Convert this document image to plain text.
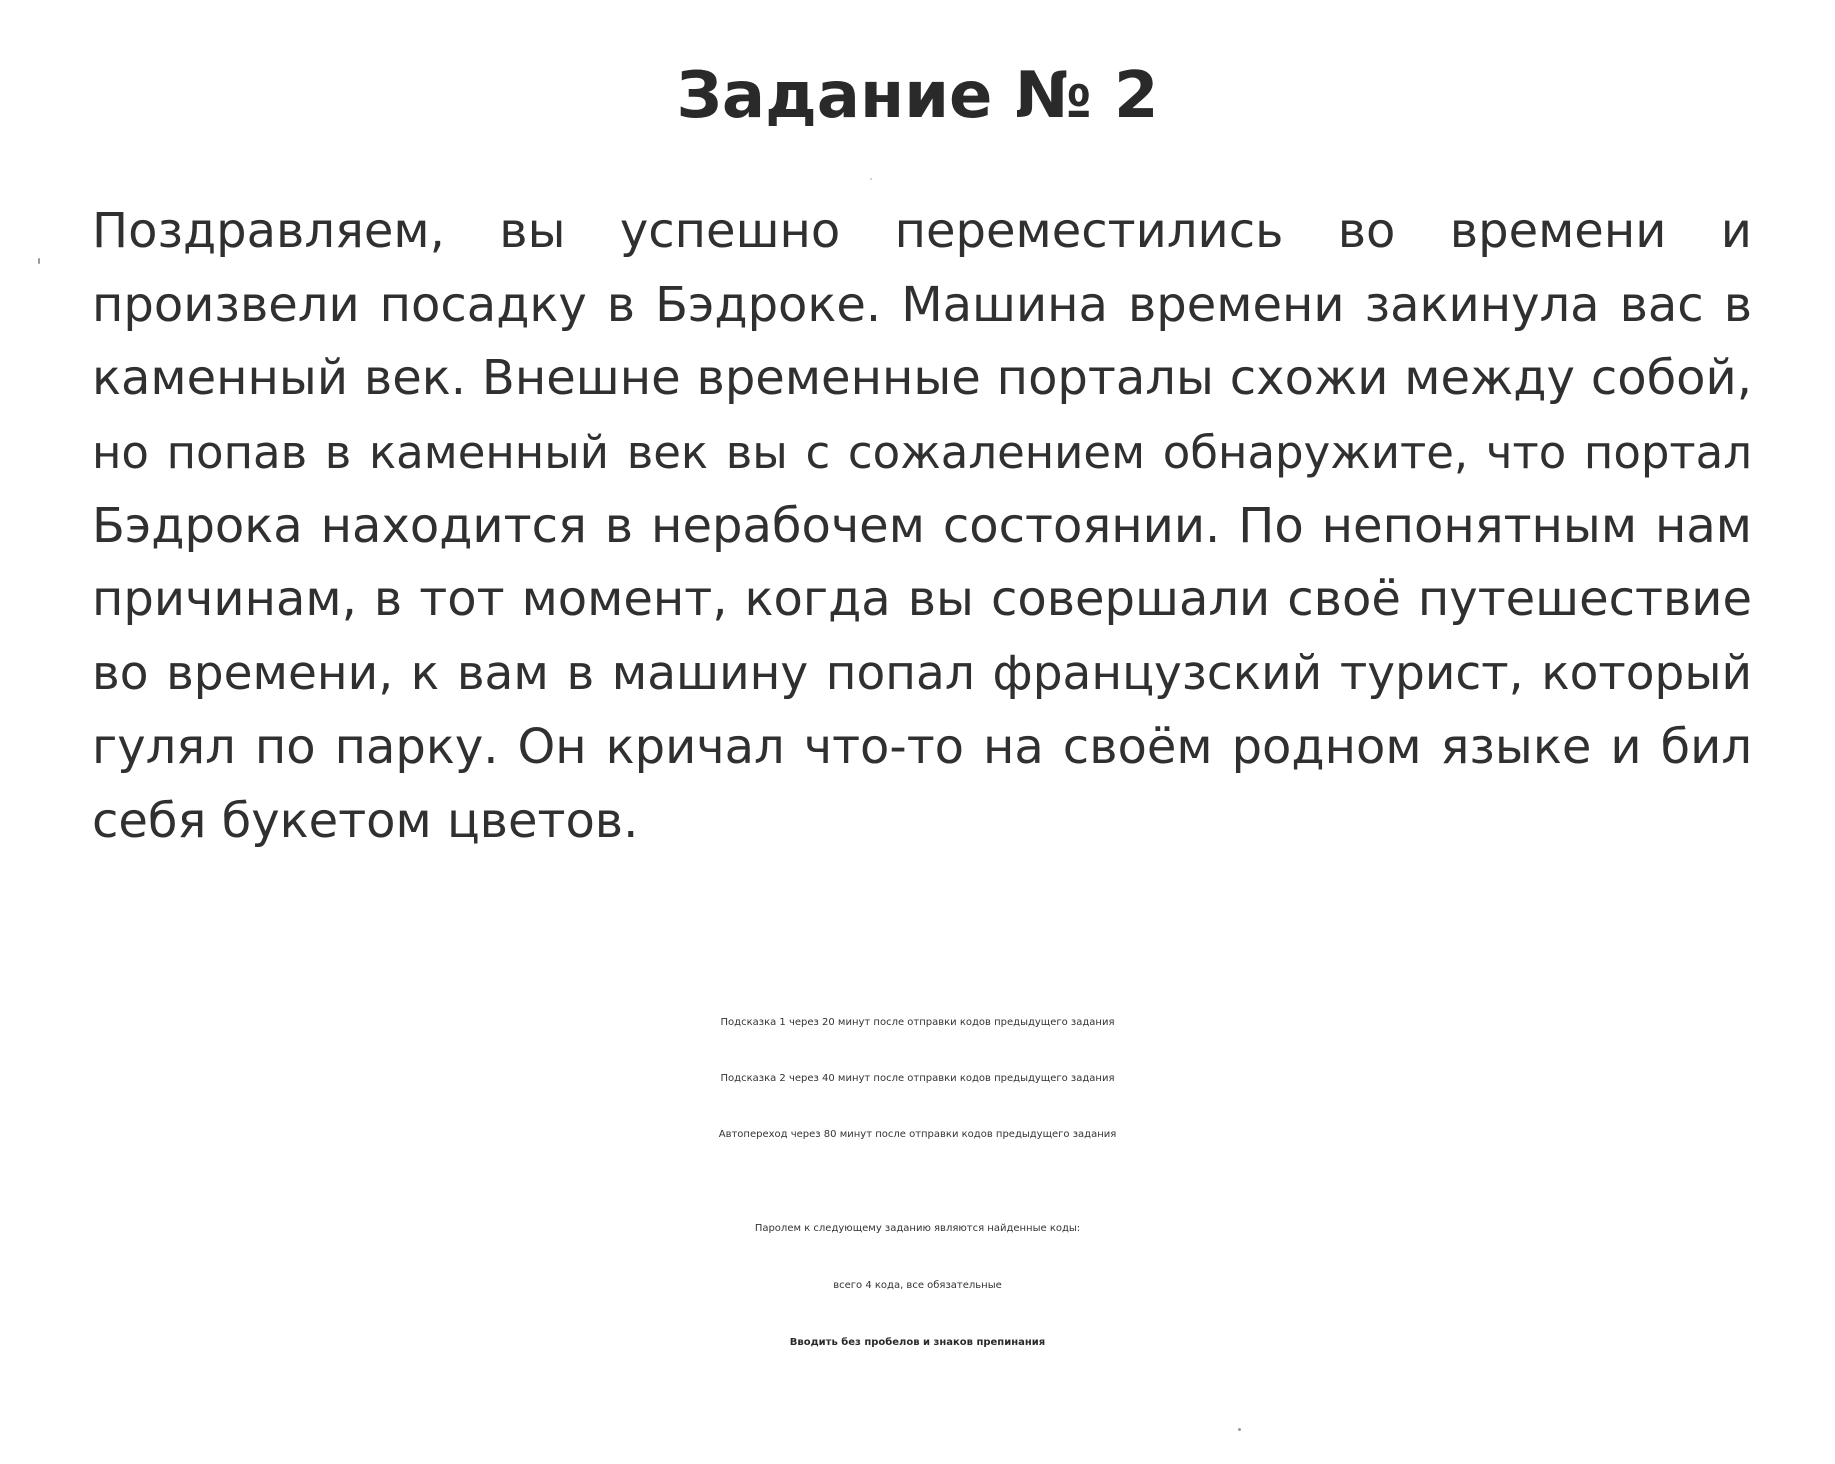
Задание № 2
Поздравляем, вы успешно переместились во времени и
произвели посадку в Бэдроке. Машина времени закинула вас в
каменный век. Внешне временные порталы схожи между собой,
но попав в каменный век вы с сожалением обнаружите, что портал
Бэдрока находится в нерабочем состоянии. По непонятным нам
причинам, в тот момент, когда вы совершали своё путешествие
во времени, к вам в машину попал французский турист, который
гулял по парку. Он кричал что-то на своём родном языке и бил
себя букетом цветов.
Подсказка 1 через 20 минут после отправки кодов предыдущего задания
Подсказка 2 через 40 минут после отправки кодов предыдущего задания
Автопереход через 80 минут после отправки кодов предыдущего задания
Паролем к следующему заданию являются найденные коды:
всего 4 кода, все обязательные
Вводить без пробелов и знаков препинания
